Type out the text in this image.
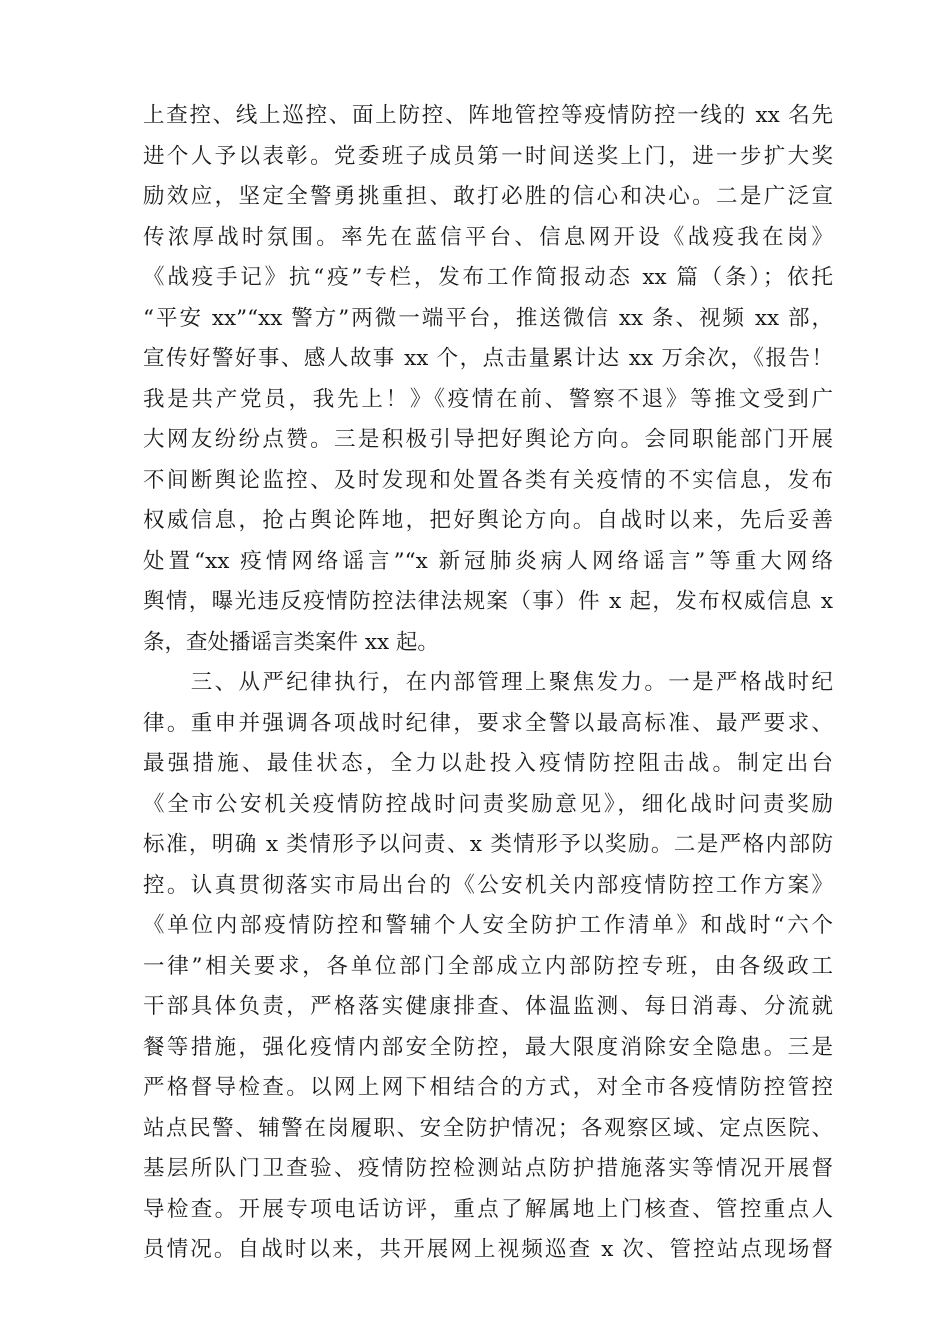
上查控、线上巡控、面上防控、阵地管控等疫情防控一线的 xx 名先
进个人予以表彰。党委班子成员第一时间送奖上门，进一步扩大奖
励效应，坚定全警勇挑重担、敢打必胜的信心和决心。二是广泛宣
传浓厚战时氛围。率先在蓝信平台、信息网开设《战疫我在岗》
《战疫手记》抗“疫”专栏，发布工作简报动态 xx 篇（条）；依托
“平安 xx”“xx 警方”两微一端平台，推送微信 xx 条、视频 xx 部，
宣传好警好事、感人故事 xx 个，点击量累计达 xx 万余次，《报告！
我是共产党员，我先上！》《疫情在前、警察不退》等推文受到广
大网友纷纷点赞。三是积极引导把好舆论方向。会同职能部门开展
不间断舆论监控、及时发现和处置各类有关疫情的不实信息，发布
权威信息，抢占舆论阵地，把好舆论方向。自战时以来，先后妥善
处置“xx 疫情网络谣言”“x 新冠肺炎病人网络谣言”等重大网络
舆情，曝光违反疫情防控法律法规案（事）件 x 起，发布权威信息 x
条，查处播谣言类案件 xx 起。
　　三、从严纪律执行，在内部管理上聚焦发力。一是严格战时纪
律。重申并强调各项战时纪律，要求全警以最高标准、最严要求、
最强措施、最佳状态，全力以赴投入疫情防控阻击战。制定出台
《全市公安机关疫情防控战时问责奖励意见》，细化战时问责奖励
标准，明确 x 类情形予以问责、x 类情形予以奖励。二是严格内部防
控。认真贯彻落实市局出台的《公安机关内部疫情防控工作方案》
《单位内部疫情防控和警辅个人安全防护工作清单》和战时“六个
一律”相关要求，各单位部门全部成立内部防控专班，由各级政工
干部具体负责，严格落实健康排查、体温监测、每日消毒、分流就
餐等措施，强化疫情内部安全防控，最大限度消除安全隐患。三是
严格督导检查。以网上网下相结合的方式，对全市各疫情防控管控
站点民警、辅警在岗履职、安全防护情况；各观察区域、定点医院、
基层所队门卫查验、疫情防控检测站点防护措施落实等情况开展督
导检查。开展专项电话访评，重点了解属地上门核查、管控重点人
员情况。自战时以来，共开展网上视频巡查 x 次、管控站点现场督
